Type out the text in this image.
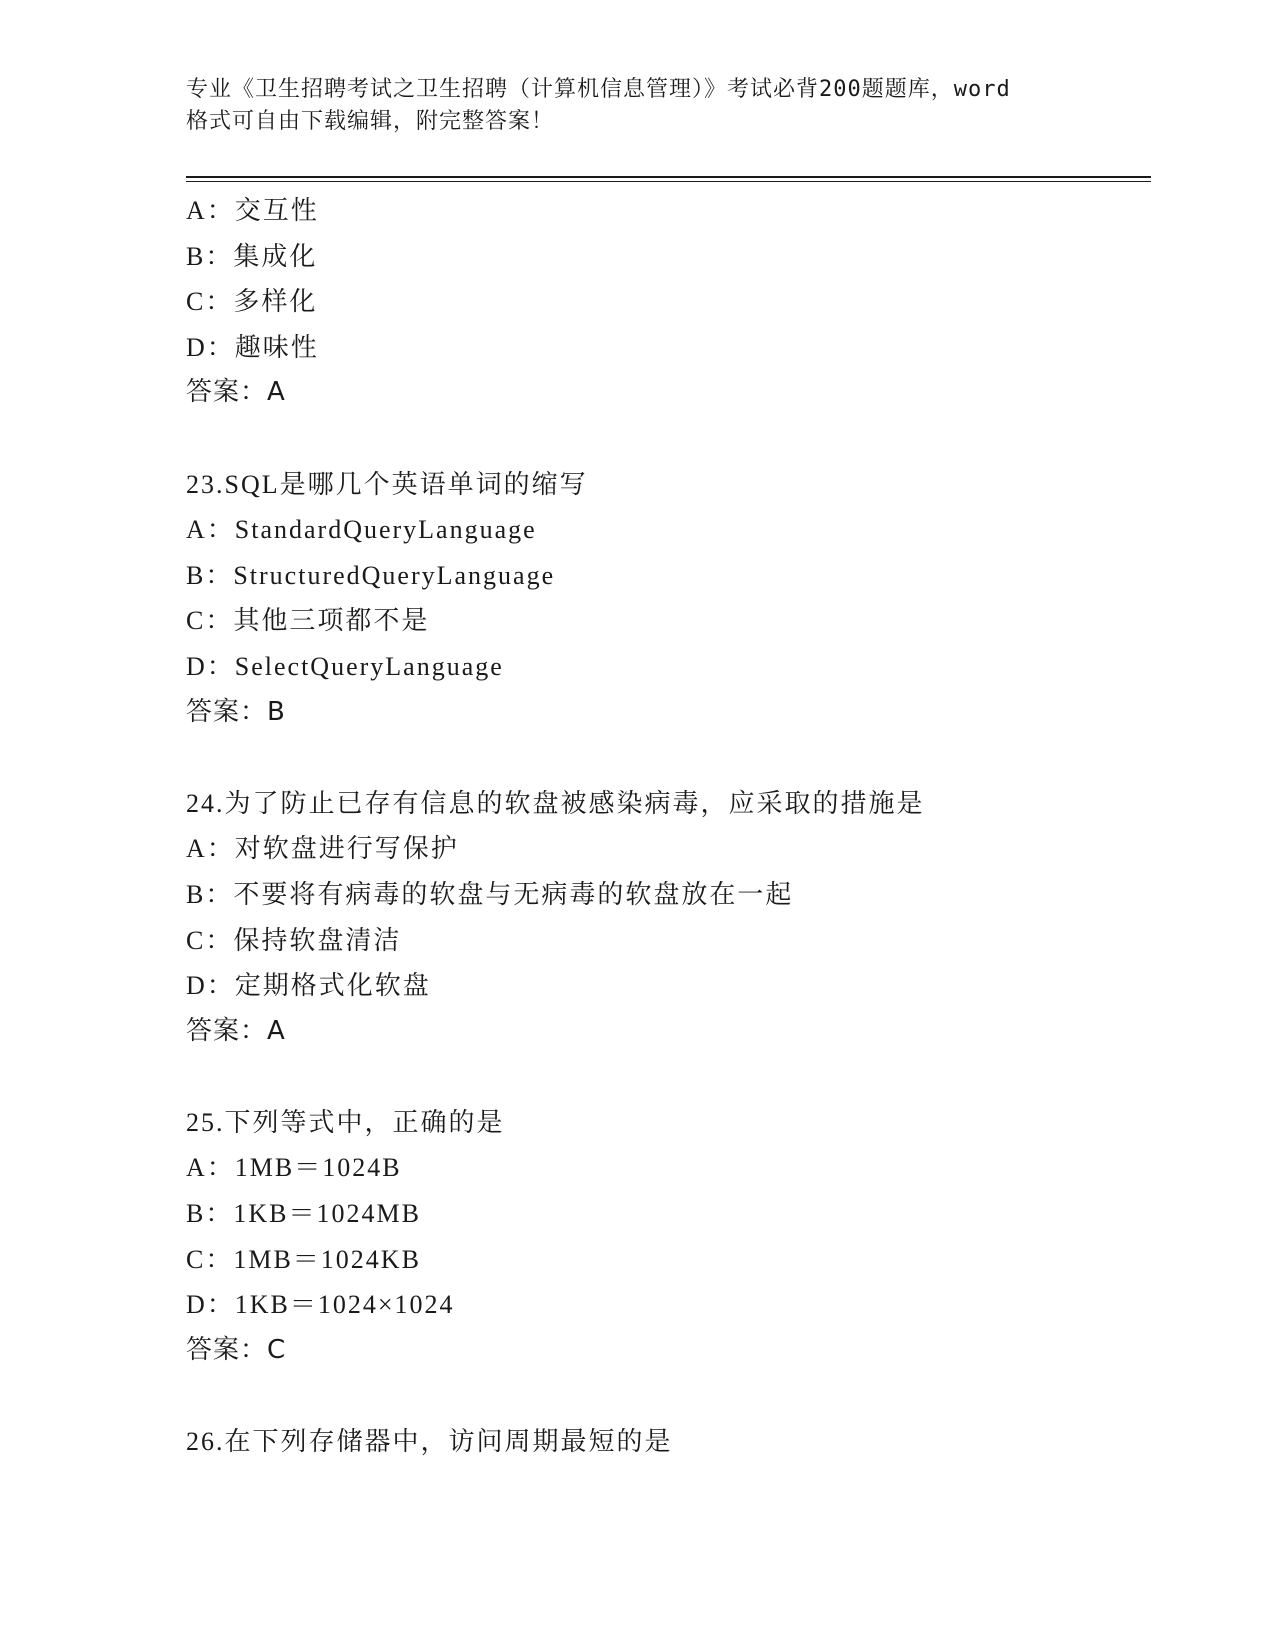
专业《卫生招聘考试之卫生招聘（计算机信息管理）》考试必背200题题库，word
格式可自由下载编辑，附完整答案！
A：交互性
B：集成化
C：多样化
D：趣味性
答案：A
23.SQL是哪几个英语单词的缩写
A：StandardQueryLanguage
B：StructuredQueryLanguage
C：其他三项都不是
D：SelectQueryLanguage
答案：B
24.为了防止已存有信息的软盘被感染病毒，应采取的措施是
A：对软盘进行写保护
B：不要将有病毒的软盘与无病毒的软盘放在一起
C：保持软盘清洁
D：定期格式化软盘
答案：A
25.下列等式中，正确的是
A：1MB＝1024B
B：1KB＝1024MB
C：1MB＝1024KB
D：1KB＝1024×1024
答案：C
26.在下列存储器中，访问周期最短的是
